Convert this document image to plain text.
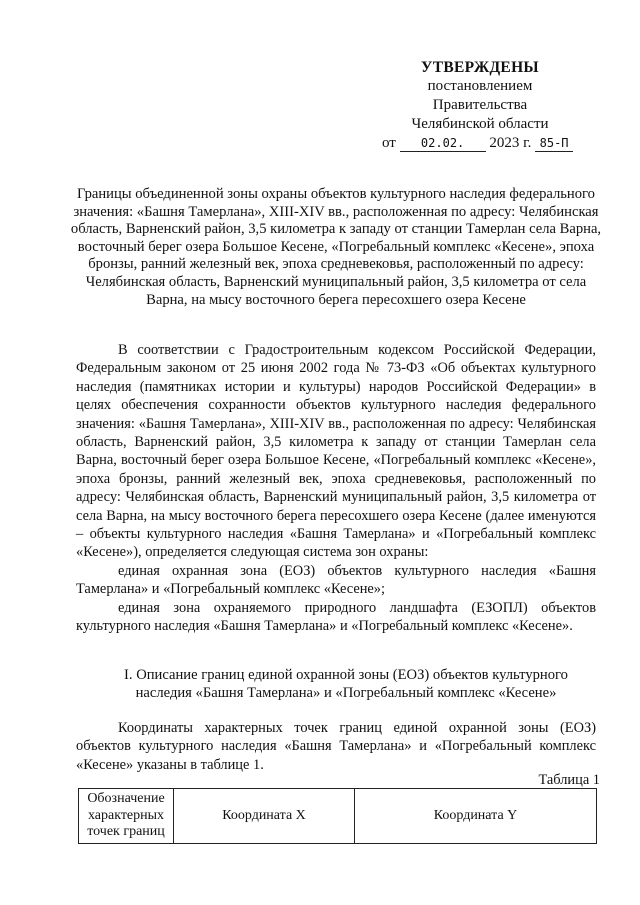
УТВЕРЖДЕНЫ
постановлением Правительства
Челябинской области
от 02.02. 2023 г. 85-П
Границы объединенной зоны охраны объектов культурного наследия федерального значения: «Башня Тамерлана», XIII-XIV вв., расположенная по адресу: Челябинская область, Варненский район, 3,5 километра к западу от станции Тамерлан села Варна, восточный берег озера Большое Кесене, «Погребальный комплекс «Кесене», эпоха бронзы, ранний железный век, эпоха средневековья, расположенный по адресу: Челябинская область, Варненский муниципальный район, 3,5 километра от села Варна, на мысу восточного берега пересохшего озера Кесене

В соответствии с Градостроительным кодексом Российской Федерации, Федеральным законом от 25 июня 2002 года № 73-ФЗ «Об объектах культурного наследия (памятниках истории и культуры) народов Российской Федерации» в целях обеспечения сохранности объектов культурного наследия федерального значения: «Башня Тамерлана», XIII-XIV вв., расположенная по адресу: Челябинская область, Варненский район, 3,5 километра к западу от станции Тамерлан села Варна, восточный берег озера Большое Кесене, «Погребальный комплекс «Кесене», эпоха бронзы, ранний железный век, эпоха средневековья, расположенный по адресу: Челябинская область, Варненский муниципальный район, 3,5 километра от села Варна, на мысу восточного берега пересохшего озера Кесене (далее именуются – объекты культурного наследия «Башня Тамерлана» и «Погребальный комплекс «Кесене»), определяется следующая система зон охраны:

единая охранная зона (ЕОЗ) объектов культурного наследия «Башня Тамерлана» и «Погребальный комплекс «Кесене»;

единая зона охраняемого природного ландшафта (ЕЗОПЛ) объектов культурного наследия «Башня Тамерлана» и «Погребальный комплекс «Кесене».

I. Описание границ единой охранной зоны (ЕОЗ) объектов культурного
наследия «Башня Тамерлана» и «Погребальный комплекс «Кесене»

Координаты характерных точек границ единой охранной зоны (ЕОЗ) объектов культурного наследия «Башня Тамерлана» и «Погребальный комплекс «Кесене» указаны в таблице 1.

Таблица 1
Обозначение характерных точек границ	Координата X	Координата Y
